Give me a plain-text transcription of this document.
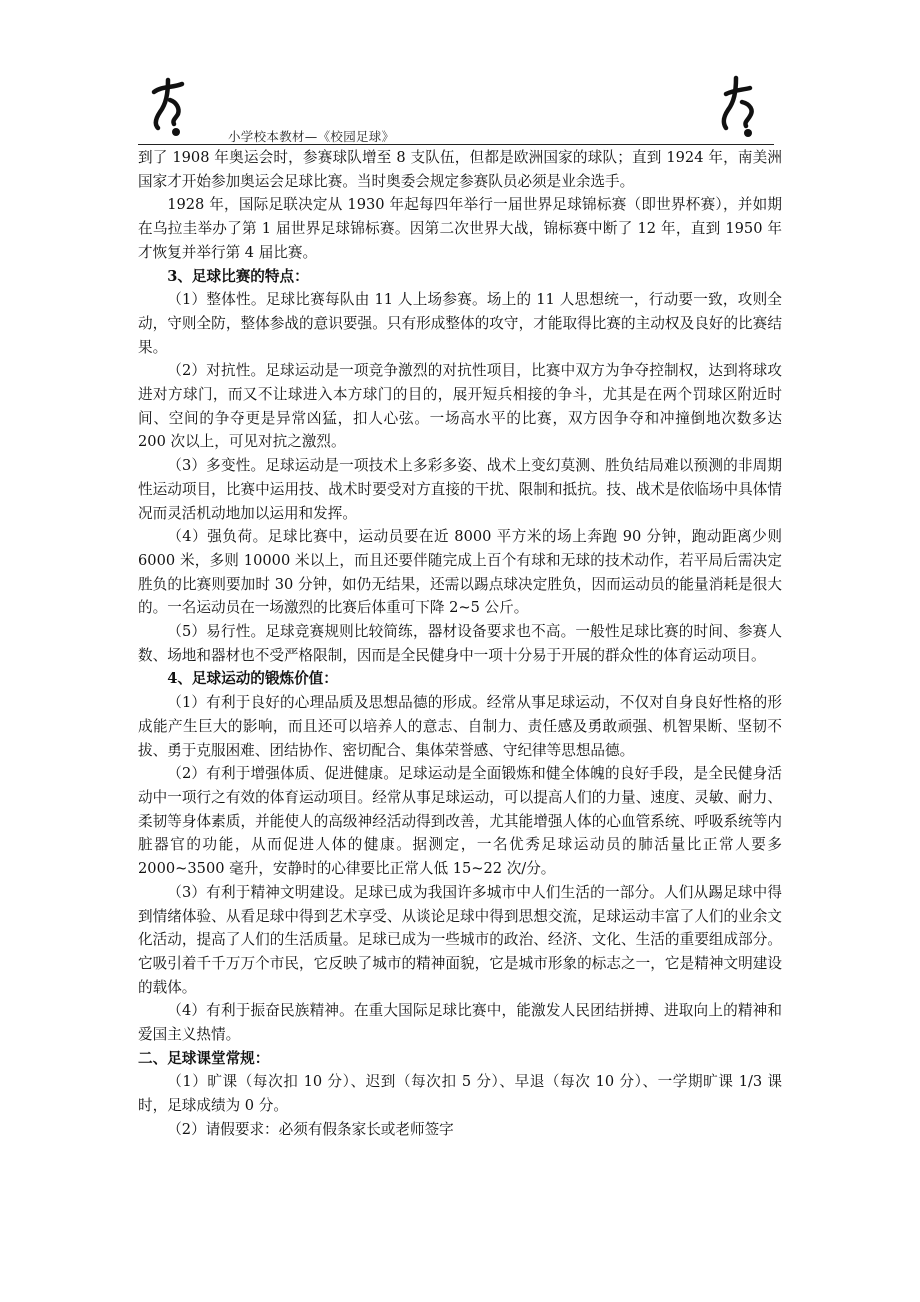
小学校本教材—《校园足球》

到了 1908 年奥运会时，参赛球队增至 8 支队伍，但都是欧洲国家的球队；直到 1924 年，南美洲国家才开始参加奥运会足球比赛。当时奥委会规定参赛队员必须是业余选手。

1928 年，国际足联决定从 1930 年起每四年举行一届世界足球锦标赛（即世界杯赛），并如期在乌拉圭举办了第 1 届世界足球锦标赛。因第二次世界大战，锦标赛中断了 12 年，直到 1950 年才恢复并举行第 4 届比赛。

3、足球比赛的特点：

（1）整体性。足球比赛每队由 11 人上场参赛。场上的 11 人思想统一，行动要一致，攻则全动，守则全防，整体参战的意识要强。只有形成整体的攻守，才能取得比赛的主动权及良好的比赛结果。

（2）对抗性。足球运动是一项竞争激烈的对抗性项目，比赛中双方为争夺控制权，达到将球攻进对方球门，而又不让球进入本方球门的目的，展开短兵相接的争斗，尤其是在两个罚球区附近时间、空间的争夺更是异常凶猛，扣人心弦。一场高水平的比赛，双方因争夺和冲撞倒地次数多达 200 次以上，可见对抗之激烈。

（3）多变性。足球运动是一项技术上多彩多姿、战术上变幻莫测、胜负结局难以预测的非周期性运动项目，比赛中运用技、战术时要受对方直接的干扰、限制和抵抗。技、战术是依临场中具体情况而灵活机动地加以运用和发挥。

（4）强负荷。足球比赛中，运动员要在近 8000 平方米的场上奔跑 90 分钟，跑动距离少则 6000 米，多则 10000 米以上，而且还要伴随完成上百个有球和无球的技术动作，若平局后需决定胜负的比赛则要加时 30 分钟，如仍无结果，还需以踢点球决定胜负，因而运动员的能量消耗是很大的。一名运动员在一场激烈的比赛后体重可下降 2~5 公斤。

（5）易行性。足球竞赛规则比较简练，器材设备要求也不高。一般性足球比赛的时间、参赛人数、场地和器材也不受严格限制，因而是全民健身中一项十分易于开展的群众性的体育运动项目。

4、足球运动的锻炼价值：

（1）有利于良好的心理品质及思想品德的形成。经常从事足球运动，不仅对自身良好性格的形成能产生巨大的影响，而且还可以培养人的意志、自制力、责任感及勇敢顽强、机智果断、坚韧不拔、勇于克服困难、团结协作、密切配合、集体荣誉感、守纪律等思想品德。

（2）有利于增强体质、促进健康。足球运动是全面锻炼和健全体魄的良好手段，是全民健身活动中一项行之有效的体育运动项目。经常从事足球运动，可以提高人们的力量、速度、灵敏、耐力、柔韧等身体素质，并能使人的高级神经活动得到改善，尤其能增强人体的心血管系统、呼吸系统等内脏器官的功能，从而促进人体的健康。据测定，一名优秀足球运动员的肺活量比正常人要多 2000~3500 毫升，安静时的心律要比正常人低 15~22 次/分。

（3）有利于精神文明建设。足球已成为我国许多城市中人们生活的一部分。人们从踢足球中得到情绪体验、从看足球中得到艺术享受、从谈论足球中得到思想交流，足球运动丰富了人们的业余文化活动，提高了人们的生活质量。足球已成为一些城市的政治、经济、文化、生活的重要组成部分。它吸引着千千万万个市民，它反映了城市的精神面貌，它是城市形象的标志之一，它是精神文明建设的载体。

（4）有利于振奋民族精神。在重大国际足球比赛中，能激发人民团结拼搏、进取向上的精神和爱国主义热情。

二、足球课堂常规：

（1）旷课（每次扣 10 分）、迟到（每次扣 5 分）、早退（每次 10 分）、一学期旷课 1/3 课时，足球成绩为 0 分。

（2）请假要求：必须有假条家长或老师签字
